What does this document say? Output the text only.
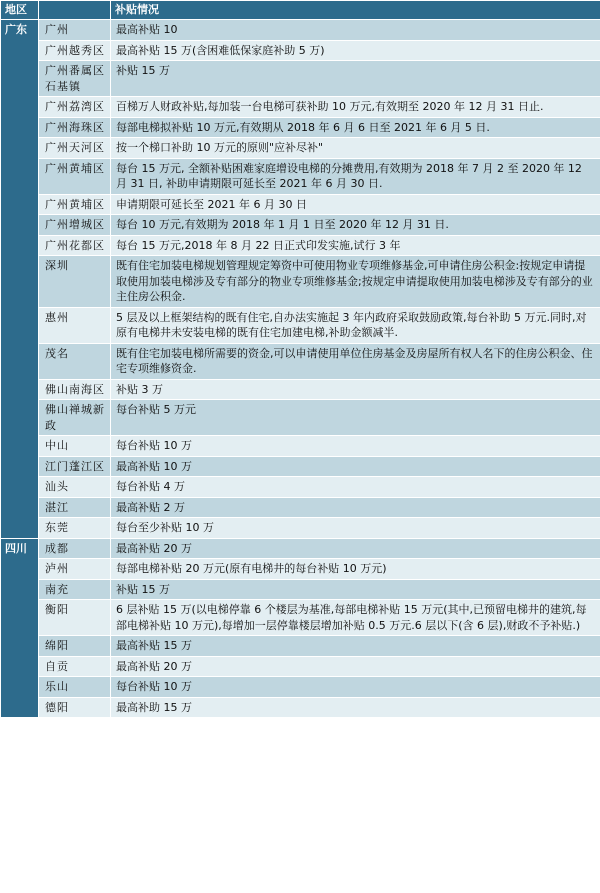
地区		补贴情况
广东	广州	最高补贴 10
	广州越秀区	最高补贴 15 万(含困难低保家庭补助 5 万)
	广州番属区石基镇	补贴 15 万
	广州荔湾区	百梯万人财政补贴,每加装一台电梯可获补助 10 万元,有效期至 2020 年 12 月 31 日止.
	广州海珠区	每部电梯拟补贴 10 万元,有效期从 2018 年 6 月 6 日至 2021 年 6 月 5 日.
	广州天河区	按一个梯口补助 10 万元的原则"应补尽补"
	广州黄埔区	每台 15 万元, 全额补贴困难家庭增设电梯的分摊费用,有效期为 2018 年 7 月 2 至 2020 年 12 月 31 日, 补助申请期限可延长至 2021 年 6 月 30 日.
	广州黄埔区	申请期限可延长至 2021 年 6 月 30 日
	广州增城区	每台 10 万元,有效期为 2018 年 1 月 1 日至 2020 年 12 月 31 日.
	广州花都区	每台 15 万元,2018 年 8 月 22 日正式印发实施,试行 3 年
	深圳	既有住宅加装电梯规划管理规定筹资中可使用物业专项维修基金,可申请住房公积金:按规定申请提取使用加装电梯涉及专有部分的物业专项维修基金;按规定申请提取使用加装电梯涉及专有部分的业主住房公积金.
	惠州	5 层及以上框架结构的既有住宅,自办法实施起 3 年内政府采取鼓励政策,每台补助 5 万元.同时,对原有电梯井未安装电梯的既有住宅加建电梯,补助金额减半.
	茂名	既有住宅加装电梯所需要的资金,可以申请使用单位住房基金及房屋所有权人名下的住房公积金、住宅专项维修资金.
	佛山南海区	补贴 3 万
	佛山禅城新政	每台补贴 5 万元
	中山	每台补贴 10 万
	江门蓬江区	最高补贴 10 万
	汕头	每台补贴 4 万
	湛江	最高补贴 2 万
	东莞	每台至少补贴 10 万
四川	成都	最高补贴 20 万
	泸州	每部电梯补贴 20 万元(原有电梯井的每台补贴 10 万元)
	南充	补贴 15 万
	衡阳	6 层补贴 15 万(以电梯停靠 6 个楼层为基准,每部电梯补贴 15 万元(其中,已预留电梯井的建筑,每部电梯补贴 10 万元),每增加一层停靠楼层增加补贴 0.5 万元.6 层以下(含 6 层),财政不予补贴.)
	绵阳	最高补贴 15 万
	自贡	最高补贴 20 万
	乐山	每台补贴 10 万
	德阳	最高补助 15 万
